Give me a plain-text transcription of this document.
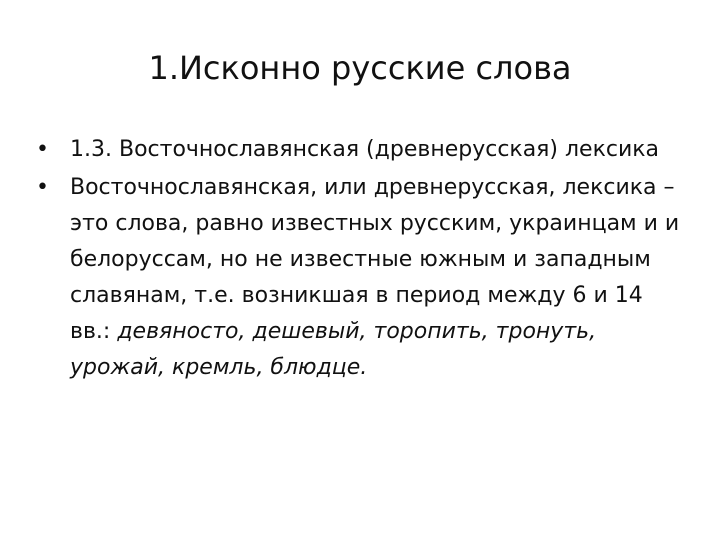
1.Исконно русские слова
• 1.3. Восточнославянская (древнерусская) лексика
• Восточнославянская, или древнерусская, лексика – это слова, равно известных русским, украинцам и и белоруссам, но не известные южным и западным славянам, т.е. возникшая в период между 6 и 14 вв.: девяносто, дешевый, торопить, тронуть, урожай, кремль, блюдце.
